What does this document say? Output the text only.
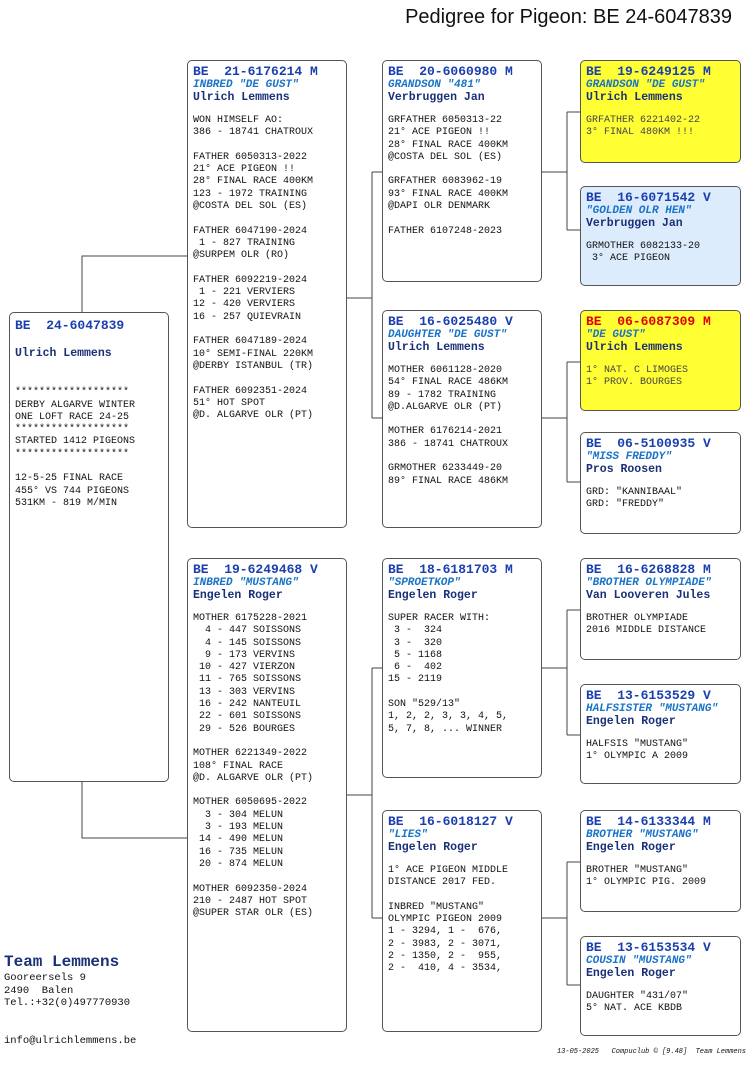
Pedigree for Pigeon: BE 24-6047839
BE  24-6047839
Ulrich Lemmens

*******************
DERBY ALGARVE WINTER
ONE LOFT RACE 24-25
*******************
STARTED 1412 PIGEONS
*******************

12-5-25 FINAL RACE
455° VS 744 PIGEONS
531KM - 819 M/MIN
BE  21-6176214 M
INBRED "DE GUST"
Ulrich Lemmens
WON HIMSELF AO:
386 - 18741 CHATROUX

FATHER 6050313-2022
21° ACE PIGEON !!
28° FINAL RACE 400KM
123 - 1972 TRAINING
@COSTA DEL SOL (ES)

FATHER 6047190-2024
1 - 827 TRAINING
@SURPEM OLR (RO)

FATHER 6092219-2024
1 - 221 VERVIERS
12 - 420 VERVIERS
16 - 257 QUIEVRAIN

FATHER 6047189-2024
10° SEMI-FINAL 220KM
@DERBY ISTANBUL (TR)

FATHER 6092351-2024
51° HOT SPOT
@D. ALGARVE OLR (PT)
BE  19-6249468 V
INBRED "MUSTANG"
Engelen Roger
MOTHER 6175228-2021
4 - 447 SOISSONS
4 - 145 SOISSONS
9 - 173 VERVINS
10 - 427 VIERZON
11 - 765 SOISSONS
13 - 303 VERVINS
16 - 242 NANTEUIL
22 - 601 SOISSONS
29 - 526 BOURGES

MOTHER 6221349-2022
108° FINAL RACE
@D. ALGARVE OLR (PT)

MOTHER 6050695-2022
3 - 304 MELUN
3 - 193 MELUN
14 - 490 MELUN
16 - 735 MELUN
20 - 874 MELUN

MOTHER 6092350-2024
210 - 2487 HOT SPOT
@SUPER STAR OLR (ES)
BE  20-6060980 M
GRANDSON "481"
Verbruggen Jan
GRFATHER 6050313-22
21° ACE PIGEON !!
28° FINAL RACE 400KM
@COSTA DEL SOL (ES)

GRFATHER 6083962-19
93° FINAL RACE 400KM
@DAPI OLR DENMARK

FATHER 6107248-2023
BE  16-6025480 V
DAUGHTER "DE GUST"
Ulrich Lemmens
MOTHER 6061128-2020
54° FINAL RACE 486KM
89 - 1782 TRAINING
@D.ALGARVE OLR (PT)

MOTHER 6176214-2021
386 - 18741 CHATROUX

GRMOTHER 6233449-20
89° FINAL RACE 486KM
BE  18-6181703 M
"SPROETKOP"
Engelen Roger
SUPER RACER WITH:
3 -  324
3 -  320
5 - 1168
6 -  402
15 - 2119

SON "529/13"
1, 2, 2, 3, 3, 4, 5,
5, 7, 8, ... WINNER
BE  16-6018127 V
"LIES"
Engelen Roger
1° ACE PIGEON MIDDLE
DISTANCE 2017 FED.

INBRED "MUSTANG"
OLYMPIC PIGEON 2009
1 - 3294, 1 -  676,
2 - 3983, 2 - 3071,
2 - 1350, 2 -  955,
2 -  410, 4 - 3534,
BE  19-6249125 M
GRANDSON "DE GUST"
Ulrich Lemmens
GRFATHER 6221402-22
3° FINAL 480KM !!!
BE  16-6071542 V
"GOLDEN OLR HEN"
Verbruggen Jan
GRMOTHER 6082133-20
3° ACE PIGEON
BE  06-6087309 M
"DE GUST"
Ulrich Lemmens
1° NAT. C LIMOGES
1° PROV. BOURGES
BE  06-5100935 V
"MISS FREDDY"
Pros Roosen
GRD: "KANNIBAAL"
GRD: "FREDDY"
BE  16-6268828 M
"BROTHER OLYMPIADE"
Van Looveren Jules
BROTHER OLYMPIADE
2016 MIDDLE DISTANCE
BE  13-6153529 V
HALFSISTER "MUSTANG"
Engelen Roger
HALFSIS "MUSTANG"
1° OLYMPIC A 2009
BE  14-6133344 M
BROTHER "MUSTANG"
Engelen Roger
BROTHER "MUSTANG"
1° OLYMPIC PIG. 2009
BE  13-6153534 V
COUSIN "MUSTANG"
Engelen Roger
DAUGHTER "431/07"
5° NAT. ACE KBDB
Team Lemmens
Gooreersels 9
2490  Balen
Tel.:+32(0)497770930
info@ulrichlemmens.be
13-05-2025   Compuclub © [9.48]  Team Lemmens
